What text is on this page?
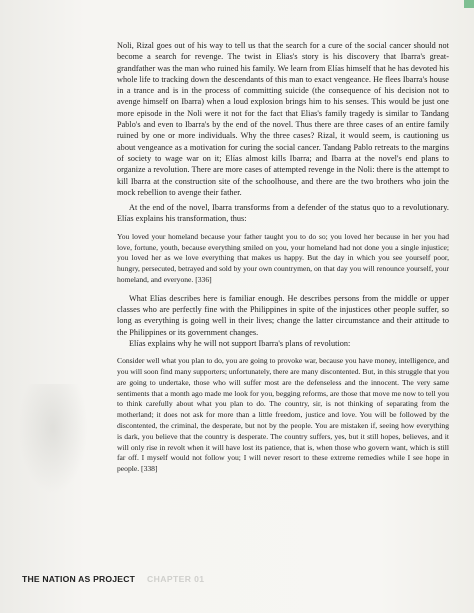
Noli, Rizal goes out of his way to tell us that the search for a cure of the social cancer should not become a search for revenge. The twist in Elias's story is his discovery that Ibarra's great-grandfather was the man who ruined his family. We learn from Elías himself that he has devoted his whole life to tracking down the descendants of this man to exact vengeance. He flees Ibarra's house in a trance and is in the process of committing suicide (the consequence of his decision not to avenge himself on Ibarra) when a loud explosion brings him to his senses. This would be just one more episode in the Noli were it not for the fact that Elias's family tragedy is similar to Tandang Pablo's and even to Ibarra's by the end of the novel. Thus there are three cases of an entire family ruined by one or more individuals. Why the three cases? Rizal, it would seem, is cautioning us about vengeance as a motivation for curing the social cancer. Tandang Pablo retreats to the margins of society to wage war on it; Elías almost kills Ibarra; and Ibarra at the novel's end plans to organize a revolution. There are more cases of attempted revenge in the Noli: there is the attempt to kill Ibarra at the construction site of the schoolhouse, and there are the two brothers who join the mock rebellion to avenge their father.

At the end of the novel, Ibarra transforms from a defender of the status quo to a revolutionary. Elías explains his transformation, thus:

You loved your homeland because your father taught you to do so; you loved her because in her you had love, fortune, youth, because everything smiled on you, your homeland had not done you a single injustice; you loved her as we love everything that makes us happy. But the day in which you see yourself poor, hungry, persecuted, betrayed and sold by your own countrymen, on that day you will renounce yourself, your homeland, and everyone. [336]

What Elías describes here is familiar enough. He describes persons from the middle or upper classes who are perfectly fine with the Philippines in spite of the injustices other people suffer, so long as everything is going well in their lives; change the latter circumstance and their attitude to the Philippines or its government changes.

Elías explains why he will not support Ibarra's plans of revolution:

Consider well what you plan to do, you are going to provoke war, because you have money, intelligence, and you will soon find many supporters; unfortunately, there are many discontented. But, in this struggle that you are going to undertake, those who will suffer most are the defenseless and the innocent. The very same sentiments that a month ago made me look for you, begging reforms, are those that move me now to tell you to think carefully about what you plan to do. The country, sir, is not thinking of separating from the motherland; it does not ask for more than a little freedom, justice and love. You will be followed by the discontented, the criminal, the desperate, but not by the people. You are mistaken if, seeing how everything is dark, you believe that the country is desperate. The country suffers, yes, but it still hopes, believes, and it will only rise in revolt when it will have lost its patience, that is, when those who govern want, which is still far off. I myself would not follow you; I will never resort to these extreme remedies while I see hope in people. [338]

THE NATION AS PROJECT CHAPTER 01
